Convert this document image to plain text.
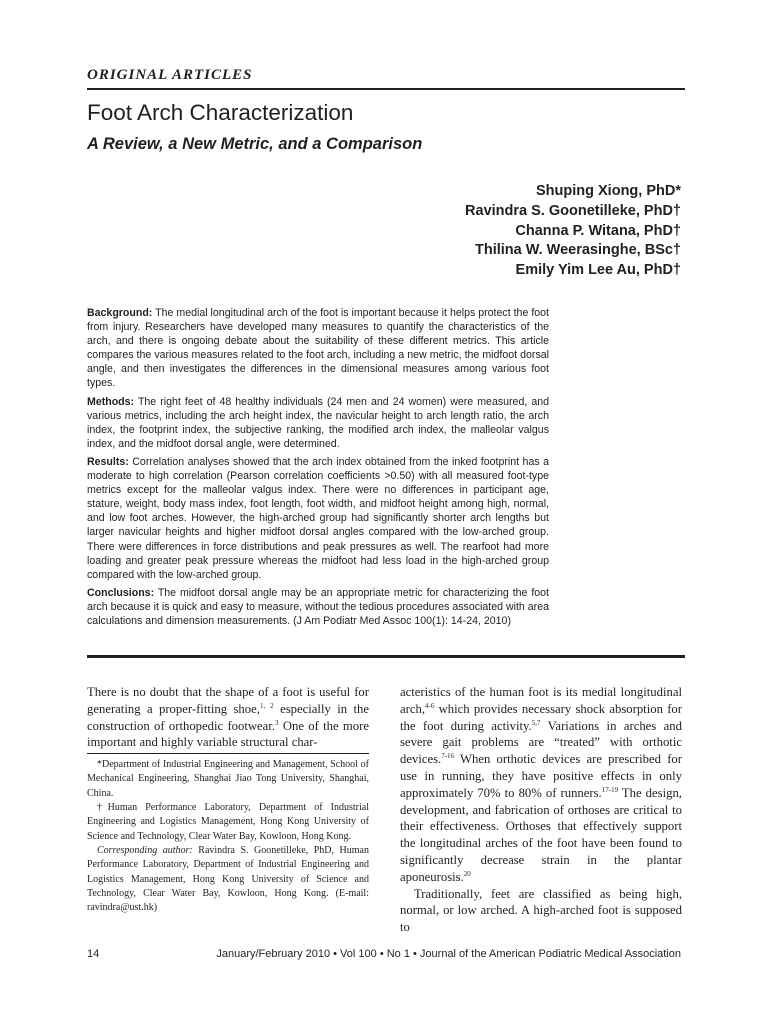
ORIGINAL ARTICLES
Foot Arch Characterization
A Review, a New Metric, and a Comparison
Shuping Xiong, PhD*
Ravindra S. Goonetilleke, PhD†
Channa P. Witana, PhD†
Thilina W. Weerasinghe, BSc†
Emily Yim Lee Au, PhD†

Background: The medial longitudinal arch of the foot is important because it helps protect the foot from injury. Researchers have developed many measures to quantify the characteristics of the arch, and there is ongoing debate about the suitability of these different metrics. This article compares the various measures related to the foot arch, including a new metric, the midfoot dorsal angle, and then investigates the differences in the dimensional measures among various foot types.

Methods: The right feet of 48 healthy individuals (24 men and 24 women) were measured, and various metrics, including the arch height index, the navicular height to arch length ratio, the arch index, the footprint index, the subjective ranking, the modified arch index, the malleolar valgus index, and the midfoot dorsal angle, were determined.

Results: Correlation analyses showed that the arch index obtained from the inked footprint has a moderate to high correlation (Pearson correlation coefficients >0.50) with all measured foot-type metrics except for the malleolar valgus index. There were no differences in participant age, stature, weight, body mass index, foot length, foot width, and midfoot height among high, normal, and low foot arches. However, the high-arched group had significantly shorter arch lengths but larger navicular heights and higher midfoot dorsal angles compared with the low-arched group. There were differences in force distributions and peak pressures as well. The rearfoot had more loading and greater peak pressure whereas the midfoot had less load in the high-arched group compared with the low-arched group.

Conclusions: The midfoot dorsal angle may be an appropriate metric for characterizing the foot arch because it is quick and easy to measure, without the tedious procedures associated with area calculations and dimension measurements. (J Am Podiatr Med Assoc 100(1): 14-24, 2010)

There is no doubt that the shape of a foot is useful for generating a proper-fitting shoe,$^{1, 2}$ especially in the construction of orthopedic footwear.$^3$ One of the more important and highly variable structural char-

*Department of Industrial Engineering and Management, School of Mechanical Engineering, Shanghai Jiao Tong University, Shanghai, China.

†Human Performance Laboratory, Department of Industrial Engineering and Logistics Management, Hong Kong University of Science and Technology, Clear Water Bay, Kowloon, Hong Kong.

Corresponding author: Ravindra S. Goonetilleke, PhD, Human Performance Laboratory, Department of Industrial Engineering and Logistics Management, Hong Kong University of Science and Technology, Clear Water Bay, Kowloon, Hong Kong. (E-mail: ravindra@ust.hk)

acteristics of the human foot is its medial longitudinal arch,$^{4-6}$ which provides necessary shock absorption for the foot during activity.$^{5,7}$ Variations in arches and severe gait problems are “treated” with orthotic devices.$^{7-16}$ When orthotic devices are prescribed for use in running, they have positive effects in only approximately 70% to 80% of runners.$^{17-19}$ The design, development, and fabrication of orthoses are critical to their effectiveness. Orthoses that effectively support the longitudinal arches of the foot have been found to significantly decrease strain in the plantar aponeurosis.$^{20}$

Traditionally, feet are classified as being high, normal, or low arched. A high-arched foot is supposed to

14	January/February 2010 • Vol 100 • No 1 • Journal of the American Podiatric Medical Association
